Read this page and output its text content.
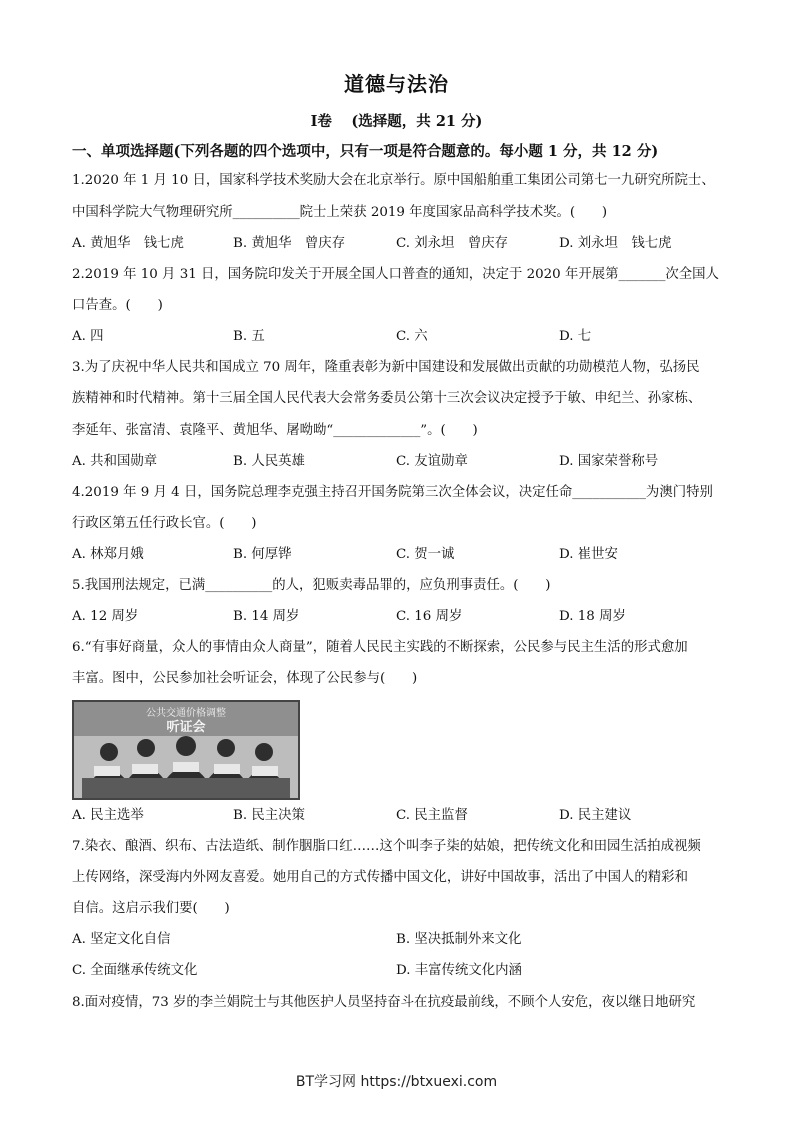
道德与法治
Ⅰ卷　 (选择题，共 21 分)
一、单项选择题(下列各题的四个选项中，只有一项是符合题意的。每小题 1 分，共 12 分)
1.2020 年 1 月 10 日，国家科学技术奖励大会在北京举行。原中国船舶重工集团公司第七一九研究所院士、
中国科学院大气物理研究所__________院士上荣获 2019 年度国家品高科学技术奖。(　　)
A. 黄旭华　钱七虎	B. 黄旭华　曾庆存	C. 刘永坦　曾庆存	D. 刘永坦　钱七虎
2.2019 年 10 月 31 日，国务院印发关于开展全国人口普查的通知，决定于 2020 年开展第_______次全国人
口告查。(　　)
A. 四	B. 五	C. 六	D. 七
3.为了庆祝中华人民共和国成立 70 周年，隆重表彰为新中国建设和发展做出贡献的功勋模范人物，弘扬民
族精神和时代精神。第十三届全国人民代表大会常务委员公第十三次会议决定授予于敏、申纪兰、孙家栋、
李延年、张富清、袁隆平、黄旭华、屠呦呦“_____________”。(　　)
A. 共和国勋章	B. 人民英雄	C. 友谊勋章	D. 国家荣誉称号
4.2019 年 9 月 4 日，国务院总理李克强主持召开国务院第三次全体会议，决定任命___________为澳门特别
行政区第五任行政长官。(　　)
A. 林郑月娥	B. 何厚铧	C. 贺一诚	D. 崔世安
5.我国刑法规定，已满__________的人，犯贩卖毒品罪的，应负刑事责任。(　　)
A. 12 周岁	B. 14 周岁	C. 16 周岁	D. 18 周岁
6.“有事好商量，众人的事情由众人商量”，随着人民民主实践的不断探索，公民参与民主生活的形式愈加
丰富。图中，公民参加社会听证会，体现了公民参与(　　)
公共交通价格调整
听证会
A. 民主选举	B. 民主决策	C. 民主监督	D. 民主建议
7.染衣、酿酒、织布、古法造纸、制作胭脂口红……这个叫李子柒的姑娘，把传统文化和田园生活拍成视频
上传网络，深受海内外网友喜爱。她用自己的方式传播中国文化，讲好中国故事，活出了中国人的精彩和
自信。这启示我们要(　　)
A. 坚定文化自信	B. 坚决抵制外来文化
C. 全面继承传统文化	D. 丰富传统文化内涵
8.面对疫情，73 岁的李兰娟院士与其他医护人员坚持奋斗在抗疫最前线，不顾个人安危，夜以继日地研究
BT学习网 https://btxuexi.com
